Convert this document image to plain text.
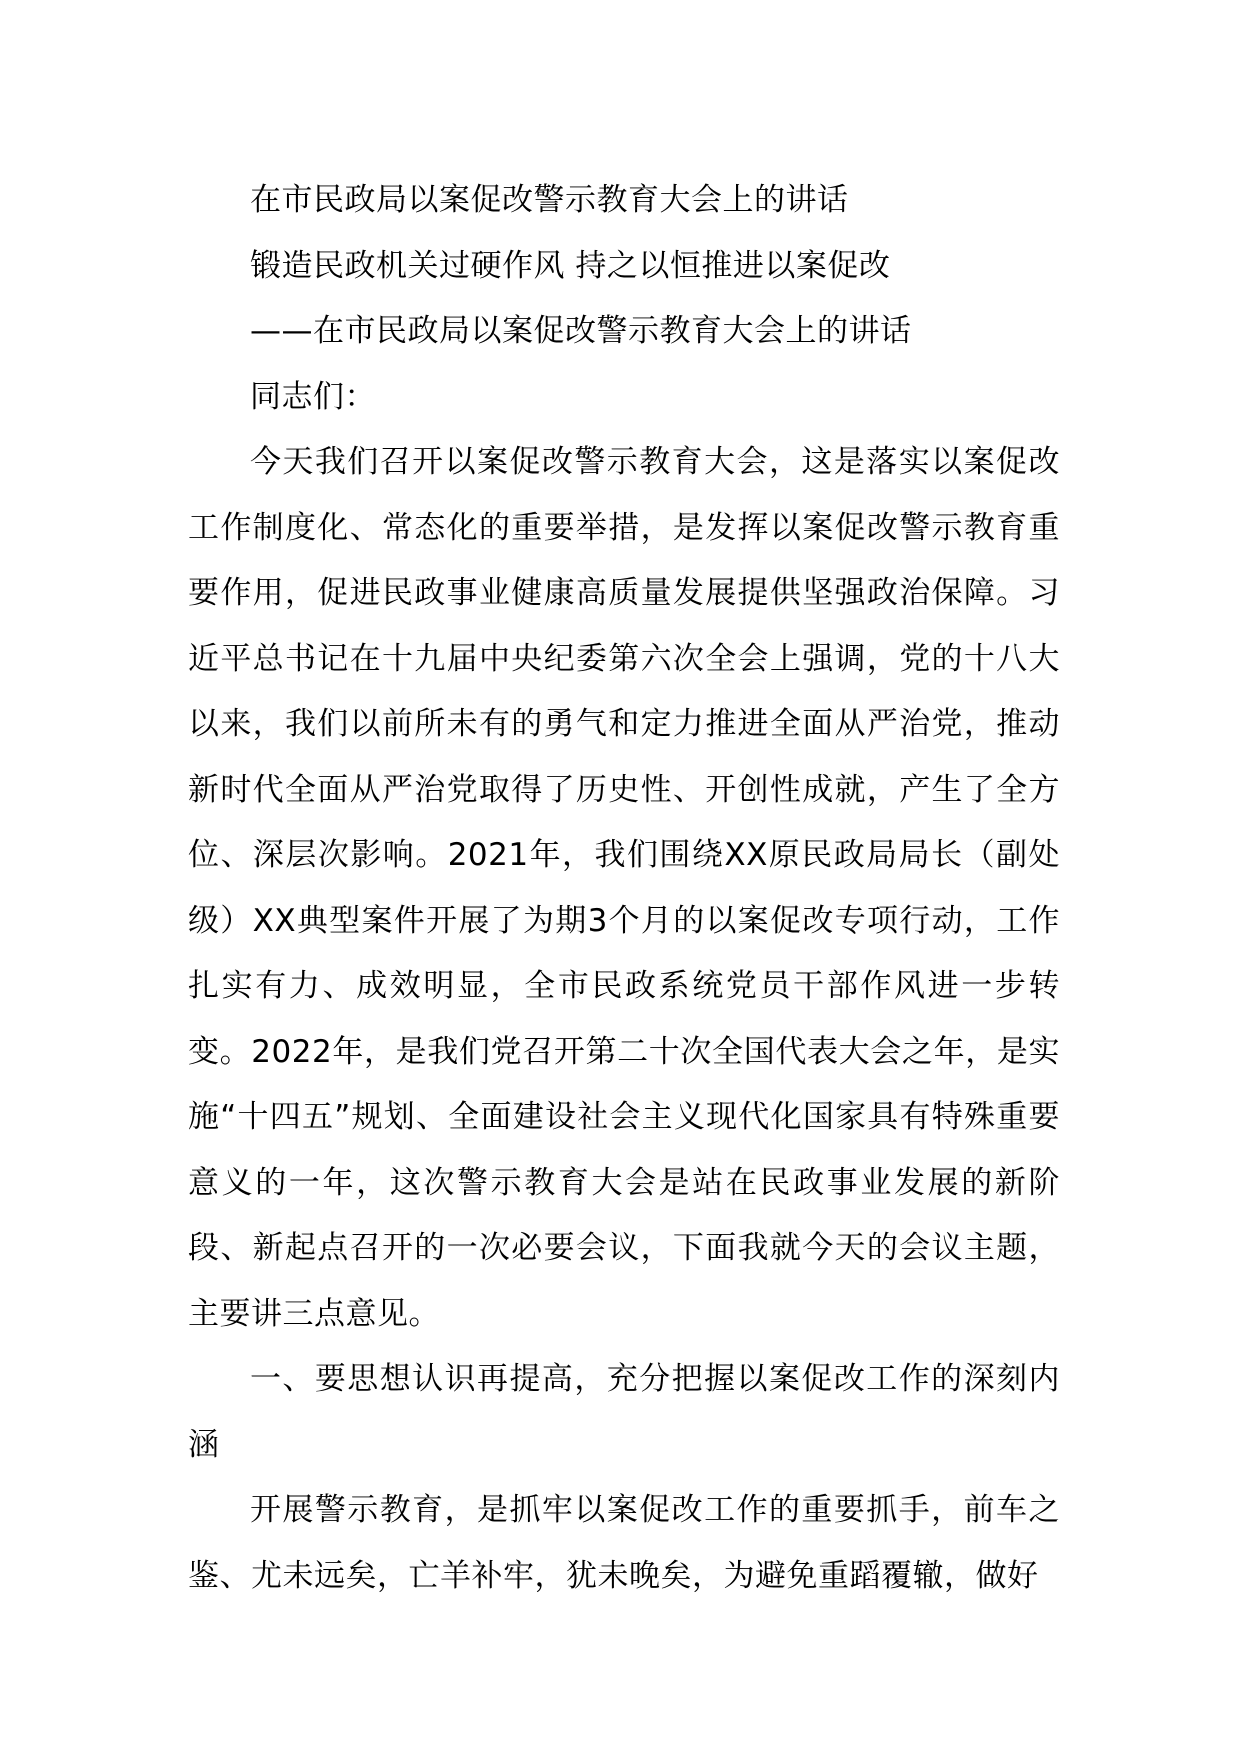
在市民政局以案促改警示教育大会上的讲话

锻造民政机关过硬作风 持之以恒推进以案促改

——在市民政局以案促改警示教育大会上的讲话

同志们：

今天我们召开以案促改警示教育大会，这是落实以案促改工作制度化、常态化的重要举措，是发挥以案促改警示教育重要作用，促进民政事业健康高质量发展提供坚强政治保障。习近平总书记在十九届中央纪委第六次全会上强调，党的十八大以来，我们以前所未有的勇气和定力推进全面从严治党，推动新时代全面从严治党取得了历史性、开创性成就，产生了全方位、深层次影响。2021年，我们围绕XX原民政局局长（副处级）XX典型案件开展了为期3个月的以案促改专项行动，工作扎实有力、成效明显，全市民政系统党员干部作风进一步转变。2022年，是我们党召开第二十次全国代表大会之年，是实施“十四五”规划、全面建设社会主义现代化国家具有特殊重要意义的一年，这次警示教育大会是站在民政事业发展的新阶段、新起点召开的一次必要会议，下面我就今天的会议主题，主要讲三点意见。

一、要思想认识再提高，充分把握以案促改工作的深刻内涵

开展警示教育，是抓牢以案促改工作的重要抓手，前车之鉴、尤未远矣，亡羊补牢，犹未晚矣，为避免重蹈覆辙，做好
